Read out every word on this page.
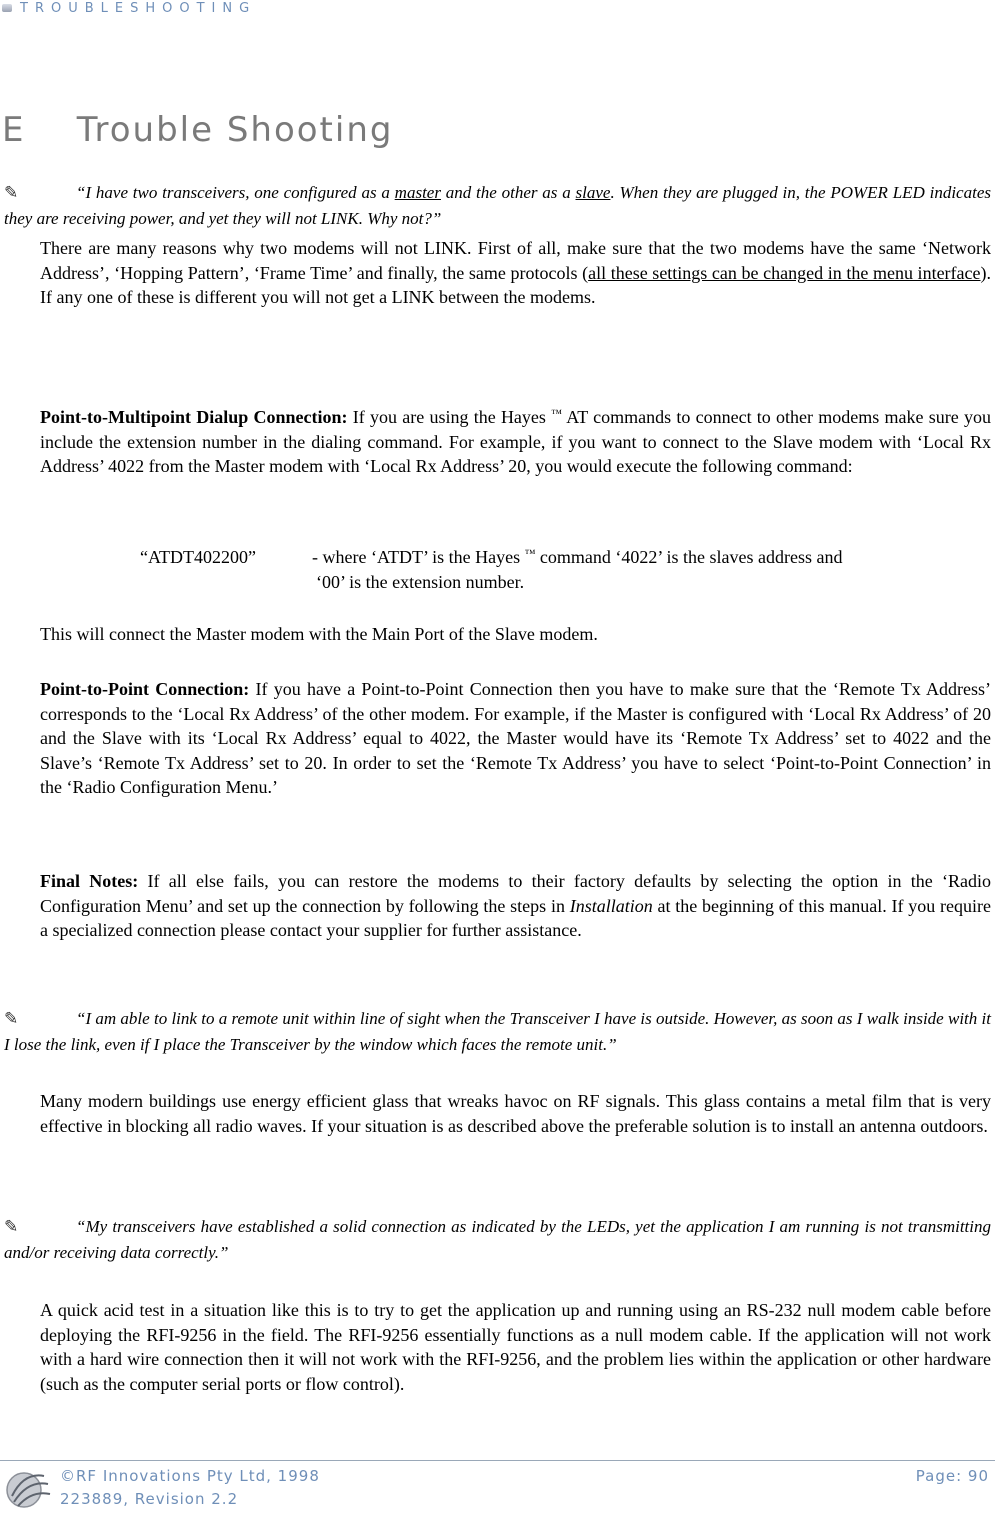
TROUBLESHOOTING
E    Trouble Shooting
✎	“I have two transceivers, one configured as a master and the other as a slave. When they are plugged in, the POWER LED indicates they are receiving power, and yet they will not LINK. Why not?”
There are many reasons why two modems will not LINK. First of all, make sure that the two modems have the same ‘Network Address’, ‘Hopping Pattern’, ‘Frame Time’ and finally, the same protocols (all these settings can be changed in the menu interface). If any one of these is different you will not get a LINK between the modems.
Point-to-Multipoint Dialup Connection: If you are using the Hayes ™ AT commands to connect to other modems make sure you include the extension number in the dialing command. For example, if you want to connect to the Slave modem with ‘Local Rx Address’ 4022 from the Master modem with ‘Local Rx Address’ 20, you would execute the following command:
“ATDT402200”	- where ‘ATDT’ is the Hayes ™ command ‘4022’ is the slaves address and
‘00’ is the extension number.
This will connect the Master modem with the Main Port of the Slave modem.
Point-to-Point Connection: If you have a Point-to-Point Connection then you have to make sure that the ‘Remote Tx Address’ corresponds to the ‘Local Rx Address’ of the other modem. For example, if the Master is configured with ‘Local Rx Address’ of 20 and the Slave with its ‘Local Rx Address’ equal to 4022, the Master would have its ‘Remote Tx Address’ set to 4022 and the Slave’s ‘Remote Tx Address’ set to 20. In order to set the ‘Remote Tx Address’ you have to select ‘Point-to-Point Connection’ in the ‘Radio Configuration Menu.’
Final Notes: If all else fails, you can restore the modems to their factory defaults by selecting the option in the ‘Radio Configuration Menu’ and set up the connection by following the steps in Installation at the beginning of this manual. If you require a specialized connection please contact your supplier for further assistance.
✎	“I am able to link to a remote unit within line of sight when the Transceiver I have is outside. However, as soon as I walk inside with it I lose the link, even if I place the Transceiver by the window which faces the remote unit.”
Many modern buildings use energy efficient glass that wreaks havoc on RF signals. This glass contains a metal film that is very effective in blocking all radio waves. If your situation is as described above the preferable solution is to install an antenna outdoors.
✎	“My transceivers have established a solid connection as indicated by the LEDs, yet the application I am running is not transmitting and/or receiving data correctly.”
A quick acid test in a situation like this is to try to get the application up and running using an RS-232 null modem cable before deploying the RFI-9256 in the field. The RFI-9256 essentially functions as a null modem cable. If the application will not work with a hard wire connection then it will not work with the RFI-9256, and the problem lies within the application or other hardware (such as the computer serial ports or flow control).
©RF Innovations Pty Ltd, 1998
223889, Revision 2.2
Page: 90
